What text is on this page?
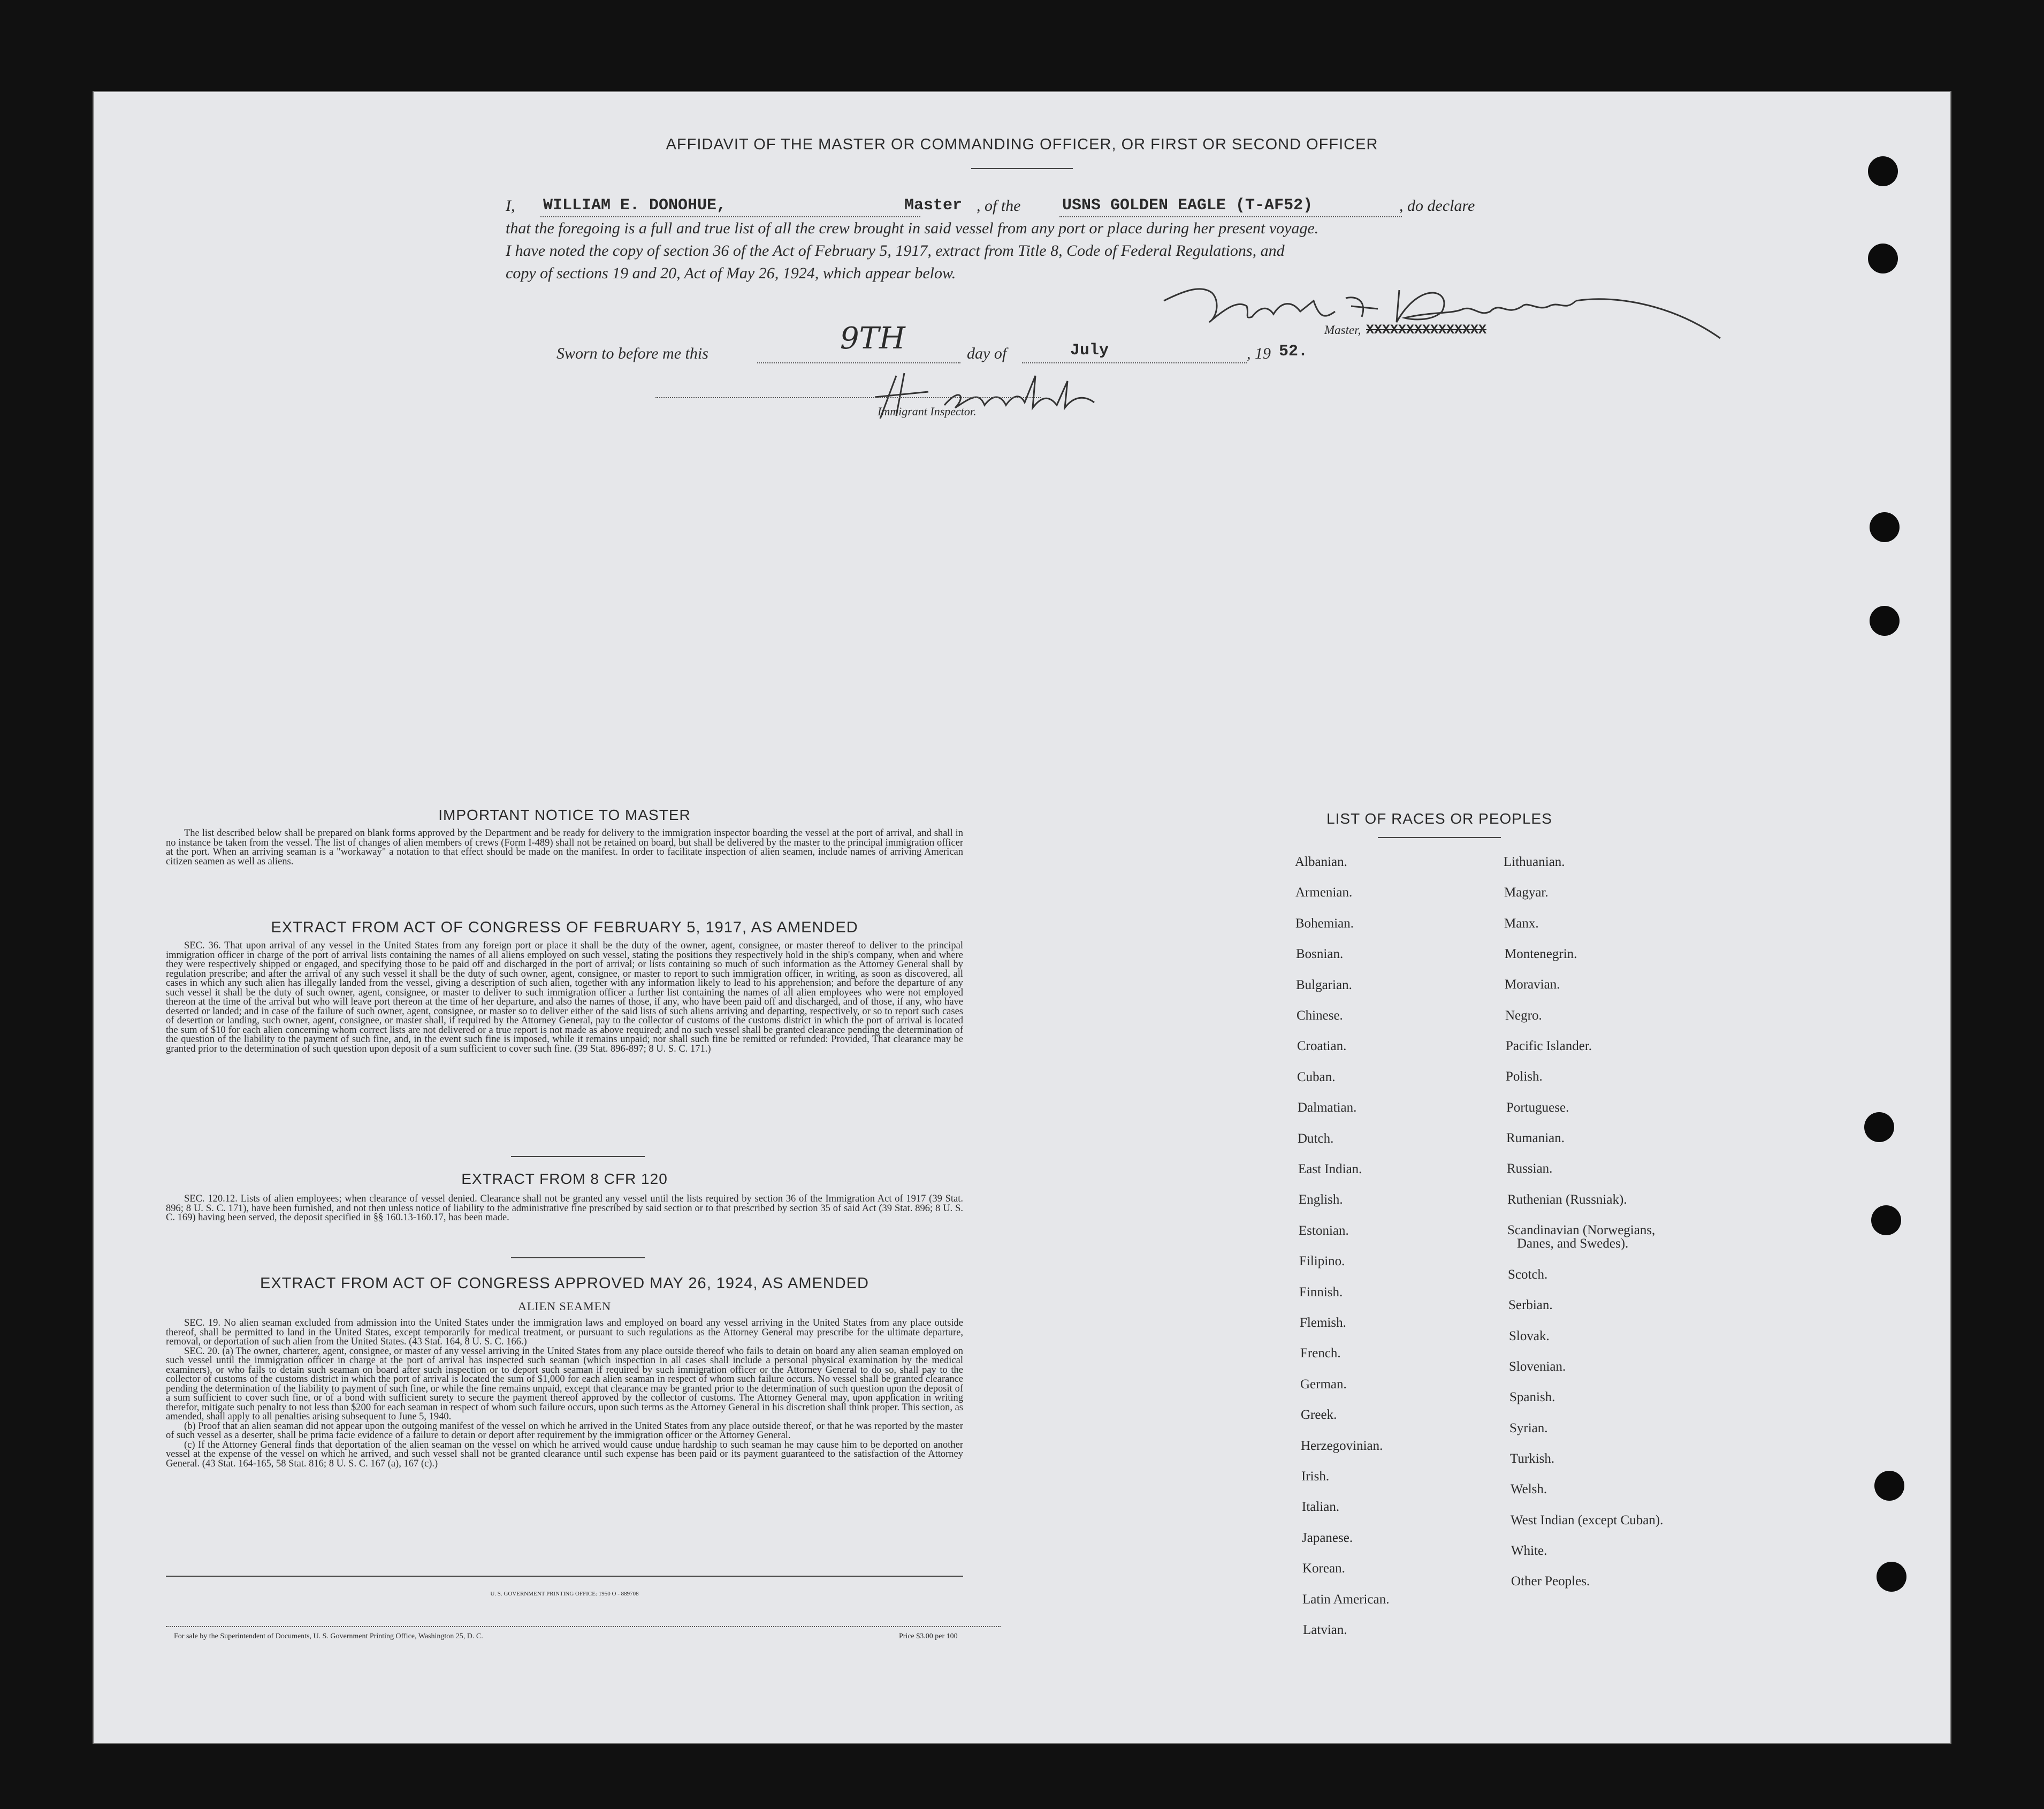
AFFIDAVIT OF THE MASTER OR COMMANDING OFFICER, OR FIRST OR SECOND OFFICER
I, WILLIAM E. DONOHUE,	Master , of the	USNS GOLDEN EAGLE (T-AF52)	, do declare
that the foregoing is a full and true list of all the crew brought in said vessel from any port or place during her present voyage.
I have noted the copy of section 36 of the Act of February 5, 1917, extract from Title 8, Code of Federal Regulations, and
copy of sections 19 and 20, Act of May 26, 1924, which appear below.
Master, XXXXXXXXXXXXXXX
Sworn to before me this	9TH	day of	July	, 19 52.
Immigrant Inspector.
IMPORTANT NOTICE TO MASTER

The list described below shall be prepared on blank forms approved by the Department and be ready for delivery to the immigration inspector boarding the vessel at the port of arrival, and shall in no instance be taken from the vessel. The list of changes of alien members of crews (Form I-489) shall not be retained on board, but shall be delivered by the master to the principal immigration officer at the port. When an arriving seaman is a "workaway" a notation to that effect should be made on the manifest. In order to facilitate inspection of alien seamen, include names of arriving American citizen seamen as well as aliens.

EXTRACT FROM ACT OF CONGRESS OF FEBRUARY 5, 1917, AS AMENDED

SEC. 36. That upon arrival of any vessel in the United States from any foreign port or place it shall be the duty of the owner, agent, consignee, or master thereof to deliver to the principal immigration officer in charge of the port of arrival lists containing the names of all aliens employed on such vessel, stating the positions they respectively hold in the ship's company, when and where they were respectively shipped or engaged, and specifying those to be paid off and discharged in the port of arrival; or lists containing so much of such information as the Attorney General shall by regulation prescribe; and after the arrival of any such vessel it shall be the duty of such owner, agent, consignee, or master to report to such immigration officer, in writing, as soon as discovered, all cases in which any such alien has illegally landed from the vessel, giving a description of such alien, together with any information likely to lead to his apprehension; and before the departure of any such vessel it shall be the duty of such owner, agent, consignee, or master to deliver to such immigration officer a further list containing the names of all alien employees who were not employed thereon at the time of the arrival but who will leave port thereon at the time of her departure, and also the names of those, if any, who have been paid off and discharged, and of those, if any, who have deserted or landed; and in case of the failure of such owner, agent, consignee, or master so to deliver either of the said lists of such aliens arriving and departing, respectively, or so to report such cases of desertion or landing, such owner, agent, consignee, or master shall, if required by the Attorney General, pay to the collector of customs of the customs district in which the port of arrival is located the sum of $10 for each alien concerning whom correct lists are not delivered or a true report is not made as above required; and no such vessel shall be granted clearance pending the determination of the question of the liability to the payment of such fine, and, in the event such fine is imposed, while it remains unpaid; nor shall such fine be remitted or refunded: Provided, That clearance may be granted prior to the determination of such question upon deposit of a sum sufficient to cover such fine. (39 Stat. 896-897; 8 U. S. C. 171.)

EXTRACT FROM 8 CFR 120

SEC. 120.12. Lists of alien employees; when clearance of vessel denied. Clearance shall not be granted any vessel until the lists required by section 36 of the Immigration Act of 1917 (39 Stat. 896; 8 U. S. C. 171), have been furnished, and not then unless notice of liability to the administrative fine prescribed by said section or to that prescribed by section 35 of said Act (39 Stat. 896; 8 U. S. C. 169) having been served, the deposit specified in §§ 160.13-160.17, has been made.

EXTRACT FROM ACT OF CONGRESS APPROVED MAY 26, 1924, AS AMENDED
ALIEN SEAMEN

SEC. 19. No alien seaman excluded from admission into the United States under the immigration laws and employed on board any vessel arriving in the United States from any place outside thereof, shall be permitted to land in the United States, except temporarily for medical treatment, or pursuant to such regulations as the Attorney General may prescribe for the ultimate departure, removal, or deportation of such alien from the United States. (43 Stat. 164, 8 U. S. C. 166.)

SEC. 20. (a) The owner, charterer, agent, consignee, or master of any vessel arriving in the United States from any place outside thereof who fails to detain on board any alien seaman employed on such vessel until the immigration officer in charge at the port of arrival has inspected such seaman (which inspection in all cases shall include a personal physical examination by the medical examiners), or who fails to detain such seaman on board after such inspection or to deport such seaman if required by such immigration officer or the Attorney General to do so, shall pay to the collector of customs of the customs district in which the port of arrival is located the sum of $1,000 for each alien seaman in respect of whom such failure occurs. No vessel shall be granted clearance pending the determination of the liability to payment of such fine, or while the fine remains unpaid, except that clearance may be granted prior to the determination of such question upon the deposit of a sum sufficient to cover such fine, or of a bond with sufficient surety to secure the payment thereof approved by the collector of customs. The Attorney General may, upon application in writing therefor, mitigate such penalty to not less than $200 for each seaman in respect of whom such failure occurs, upon such terms as the Attorney General in his discretion shall think proper. This section, as amended, shall apply to all penalties arising subsequent to June 5, 1940.

(b) Proof that an alien seaman did not appear upon the outgoing manifest of the vessel on which he arrived in the United States from any place outside thereof, or that he was reported by the master of such vessel as a deserter, shall be prima facie evidence of a failure to detain or deport after requirement by the immigration officer or the Attorney General.

(c) If the Attorney General finds that deportation of the alien seaman on the vessel on which he arrived would cause undue hardship to such seaman he may cause him to be deported on another vessel at the expense of the vessel on which he arrived, and such vessel shall not be granted clearance until such expense has been paid or its payment guaranteed to the satisfaction of the Attorney General. (43 Stat. 164-165, 58 Stat. 816; 8 U. S. C. 167 (a), 167 (c).)

U. S. GOVERNMENT PRINTING OFFICE: 1950 O - 889708
For sale by the Superintendent of Documents, U. S. Government Printing Office, Washington 25, D. C.	Price $3.00 per 100
LIST OF RACES OR PEOPLES
Albanian.
Armenian.
Bohemian.
Bosnian.
Bulgarian.
Chinese.
Croatian.
Cuban.
Dalmatian.
Dutch.
East Indian.
English.
Estonian.
Filipino.
Finnish.
Flemish.
French.
German.
Greek.
Herzegovinian.
Irish.
Italian.
Japanese.
Korean.
Latin American.
Latvian.
Lithuanian.
Magyar.
Manx.
Montenegrin.
Moravian.
Negro.
Pacific Islander.
Polish.
Portuguese.
Rumanian.
Russian.
Ruthenian (Russniak).
Scandinavian (Norwegians,
Danes, and Swedes).
Scotch.
Serbian.
Slovak.
Slovenian.
Spanish.
Syrian.
Turkish.
Welsh.
West Indian (except Cuban).
White.
Other Peoples.
